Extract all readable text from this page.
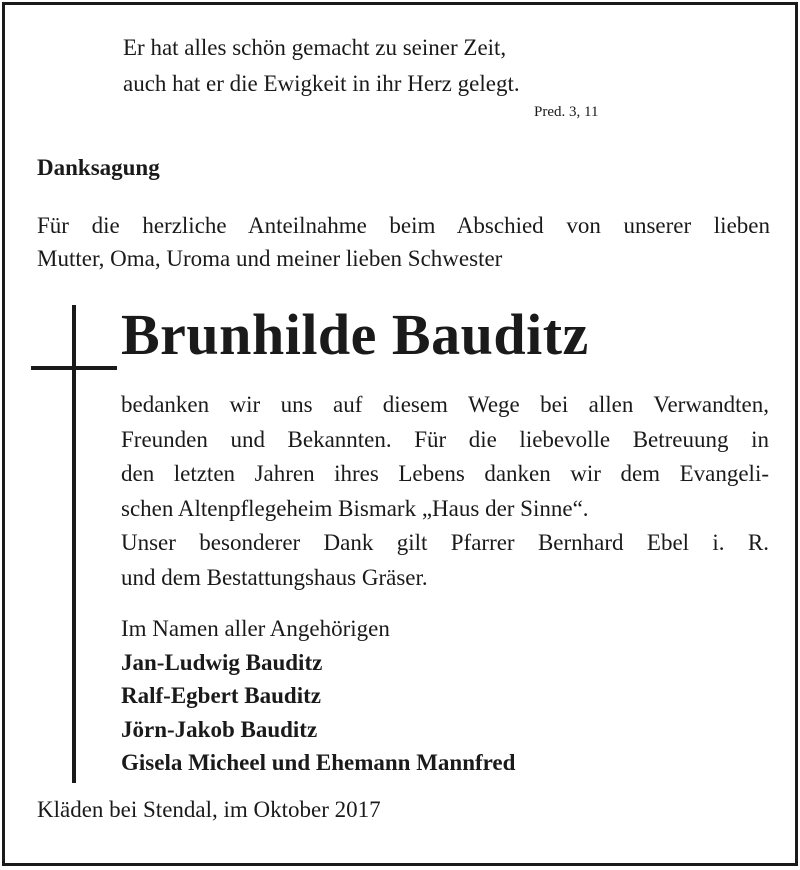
Er hat alles schön gemacht zu seiner Zeit,
auch hat er die Ewigkeit in ihr Herz gelegt.
Pred. 3, 11
Danksagung
Für die herzliche Anteilnahme beim Abschied von unserer lieben
Mutter, Oma, Uroma und meiner lieben Schwester
Brunhilde Bauditz
bedanken wir uns auf diesem Wege bei allen Verwandten,
Freunden und Bekannten. Für die liebevolle Betreuung in
den letzten Jahren ihres Lebens danken wir dem Evangeli-
schen Altenpflegeheim Bismark „Haus der Sinne“.
Unser besonderer Dank gilt Pfarrer Bernhard Ebel i. R.
und dem Bestattungshaus Gräser.
Im Namen aller Angehörigen
Jan-Ludwig Bauditz
Ralf-Egbert Bauditz
Jörn-Jakob Bauditz
Gisela Micheel und Ehemann Mannfred
Kläden bei Stendal, im Oktober 2017
